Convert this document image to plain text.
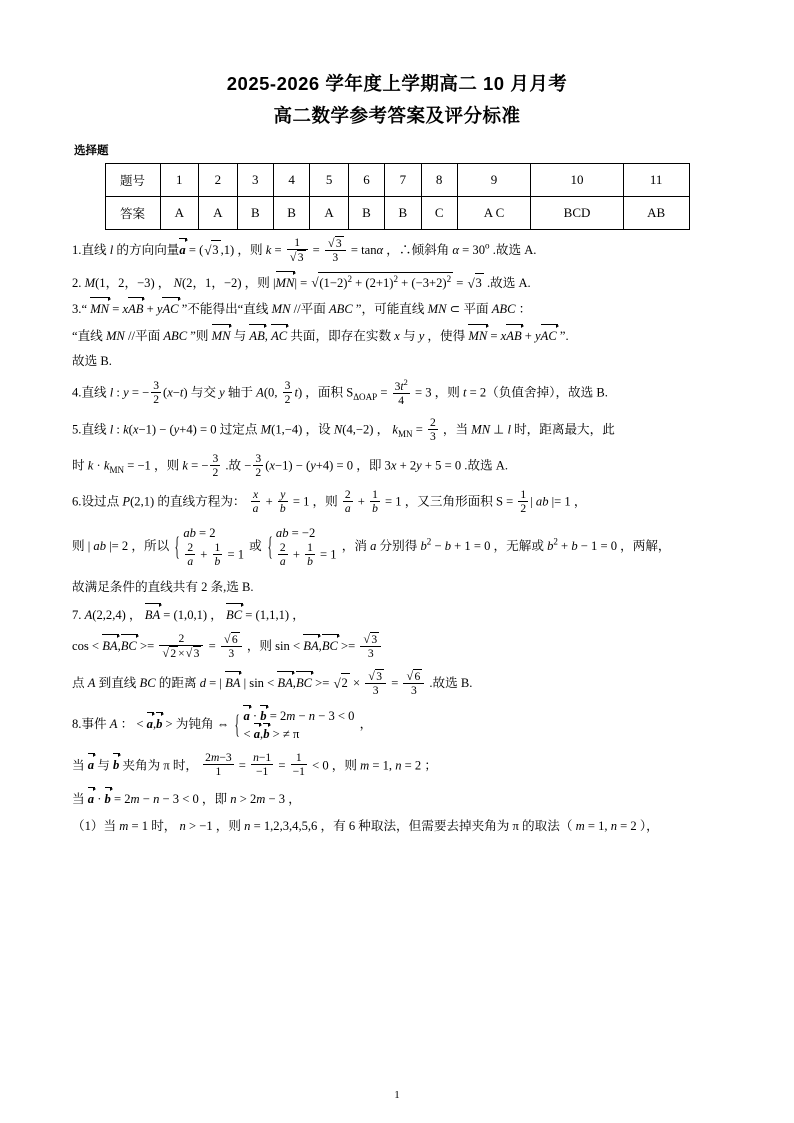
2025-2026 学年度上学期高二 10 月月考
高二数学参考答案及评分标准
选择题
题号	1	2	3	4	5	6	7	8	9	10	11
答案	A	A	B	B	A	B	B	C	A C	BCD	AB
1.直线 l 的方向向量a = ( √ 3 ,1) ，则 $k = \frac{1}{√ 3} = \frac{√ 3}{3} = \tan\alpha$ ，∴倾斜角 $\alpha = 30^o$ .故选 A.
2. M(1，2，−3) ， N(2，1，−2) ，则 |MN| = √ $(1-2)^2 + (2+1)^2 + (-3+2)^2$ = √ 3 .故选 A.
3.“ MN = xAB + yAC ”不能得出“直线 MN //平面 ABC ”，可能直线 MN ⊂ 平面 ABC ：
“直线 MN //平面 ABC ”则 MN 与 AB, AC 共面，即存在实数 x 与 y ，使得 MN = xAB + yAC ”.
故选 B.
4.直线 l : y = − $\frac{3}{2} (x-t)$ 与交 y 轴于 A(0, $\frac{3}{2} t$) ，面积 $S_{\Delta OAP} = \frac{3t^2}{4} = 3$ ，则 t = 2（负值舍掉），故选 B.
5.直线 l : k(x−1) − (y+4) = 0 过定点 M(1,−4) ，设 N(4,−2) ， $k_{MN} = \frac{2}{3}$ ，当 MN ⊥ l 时，距离最大，此
时 $k \cdot k_{MN} = -1$ ，则 k = − $\frac{3}{2}$ .故 − $\frac{3}{2} (x-1) - (y+4) = 0$ ，即 3x + 2y + 5 = 0 .故选 A.
6.设过点 P(2,1) 的直线方程为： $\frac{x}{a} + \frac{y}{b} = 1$ ，则 $\frac{2}{a} + \frac{1}{b} = 1$ ，又三角形面积 $S = \frac{1}{2}$ | ab |= 1 ，
则 | ab |= 2 ，所以
{ ab = 2
$\frac{2}{a} + \frac{1}{b} = 1$
或
{ ab = −2
$\frac{2}{a} + \frac{1}{b} = 1$
，消 a 分别得 $b^2 - b + 1 = 0$ ，无解或 $b^2 + b - 1 = 0$ ，两解，
故满足条件的直线共有 2 条,选 B.
7. A(2,2,4) ， BA = (1,0,1) ， BC = (1,1,1) ，
$\cos < BA,BC >= \frac{2}{√ 2 \times √ 3} = \frac{√ 6}{3}$ ，则 $\sin < BA,BC >= \frac{√ 3}{3}$
点 A 到直线 BC 的距离 d = | BA | sin < BA,BC >= √ $2 \times \frac{√ 3}{3} = \frac{√ 6}{3}$ .故选 B.
8.事件 A ： < a,b > 为钝角 ⇔
{ a · b = 2m − n − 3 < 0
< a,b > ≠ π
，
当 a 与 b 夹角为 π 时， $\frac{2m-3}{1} = \frac{n-1}{-1} = \frac{1}{-1} < 0$ ，则 m = 1, n = 2 ；
当 a · b = 2m − n − 3 < 0 ，即 n > 2m − 3 ，
（1）当 m = 1 时， n > −1 ，则 n = 1,2,3,4,5,6 ，有 6 种取法，但需要去掉夹角为 π 的取法（ m = 1, n = 2 ），
1
